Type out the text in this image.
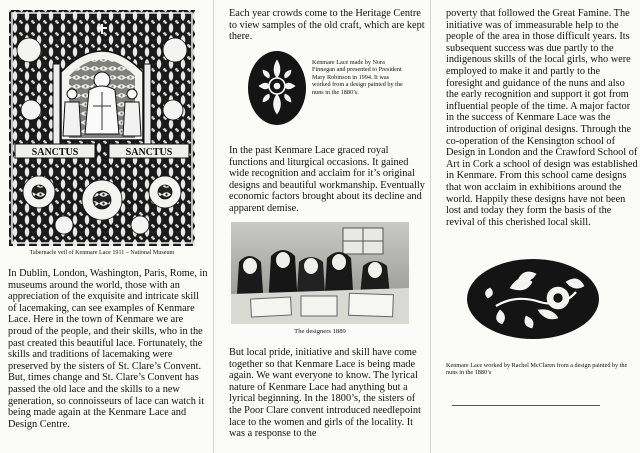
SANCTUS	SANCTUS
Tabernacle veil of Kenmare Lace 1911 – National Museum

In Dublin, London, Washington, Paris, Rome, in museums around the world, those with an appreciation of the exquisite and intricate skill of lacemaking, can see examples of Kenmare Lace. Here in the town of Kenmare we are proud of the people, and their skills, who in the past created this beautiful lace. Fortunately, the skills and traditions of lacemaking were preserved by the sisters of St. Clare’s Convent. But, times change and St. Clare’s Convent has passed the old lace and the skills to a new generation, so connoisseurs of lace can watch it being made again at the Kenmare Lace and Design Centre.

Each year crowds come to the Heritage Centre to view samples of the old craft, which are kept there.

Kenmare Lace made by Nora Finnegan and presented to President Mary Robinson in 1994. It was worked from a design painted by the nuns in the 1880’s.

In the past Kenmare Lace graced royal functions and liturgical occasions. It gained wide recognition and acclaim for it’s original designs and beautiful workmanship. Eventually economic factors brought about its decline and apparent demise.

The designers 1889

But local pride, initiative and skill have come together so that Kenmare Lace is being made again. We want everyone to know. The lyrical nature of Kenmare Lace had anything but a lyrical beginning. In the 1800’s, the sisters of the Poor Clare convent introduced needlepoint lace to the women and girls of the locality. It was a response to the

poverty that followed the Great Famine. The initiative was of immeasurable help to the people of the area in those difficult years. Its subsequent success was due partly to the indigenous skills of the local girls, who were employed to make it and partly to the foresight and guidance of the nuns and also the early recognition and support it got from influential people of the time. A major factor in the success of Kenmare Lace was the introduction of original designs. Through the co-operation of the Kensington school of Design in London and the Crawford School of Art in Cork a school of design was established in Kenmare. From this school came designs that won acclaim in exhibitions around the world. Happily these designs have not been lost and today they form the basis of the revival of this cherished local skill.

Kenmare Lace worked by Rachel McClaren from a design painted by the nuns in the 1880’s
